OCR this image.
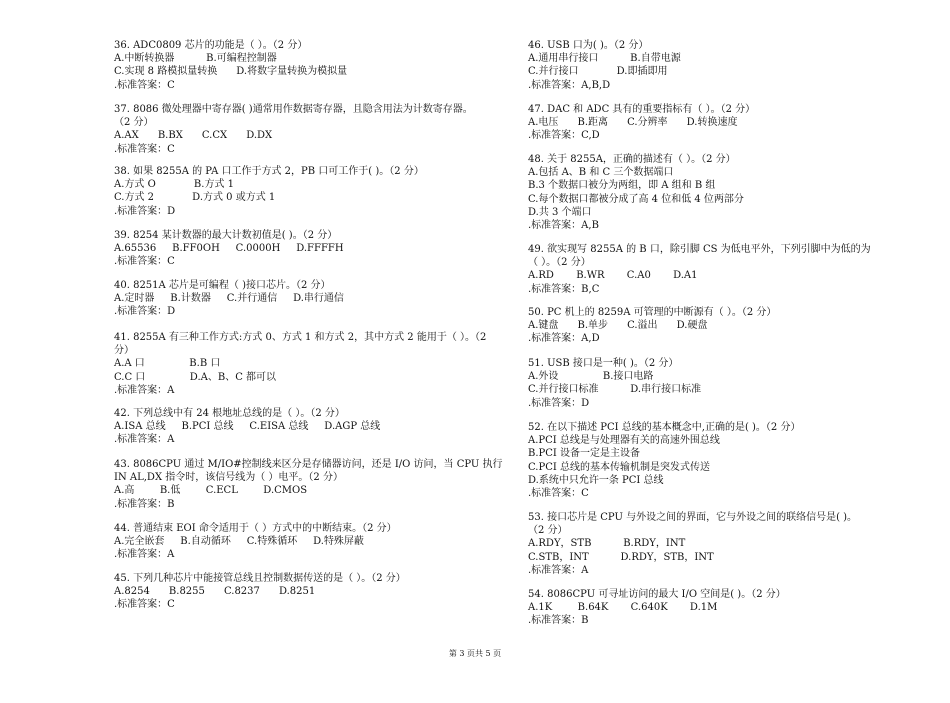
36. ADC0809 芯片的功能是（ ）。（2 分）
A.中断转换器          B.可编程控制器
C.实现 8 路模拟量转换      D.将数字量转换为模拟量
.标准答案：C
37. 8086 微处理器中寄存器( )通常用作数据寄存器，且隐含用法为计数寄存器。
（2 分）
A.AX      B.BX      C.CX      D.DX
.标准答案：C
38. 如果 8255A 的 PA 口工作于方式 2，PB 口可工作于( )。（2 分）
A.方式 O            B.方式 1
C.方式 2            D.方式 0 或方式 1
.标准答案：D
39. 8254 某计数器的最大计数初值是( )。（2 分）
A.65536     B.FF0OH     C.0000H     D.FFFFH
.标准答案：C
40. 8251A 芯片是可编程（ )接口芯片。（2 分）
A.定时器     B.计数器     C.并行通信     D.串行通信
.标准答案：D
41. 8255A 有三种工作方式:方式 0、方式 1 和方式 2，其中方式 2 能用于（ ）。（2
分）
A.A 口              B.B 口
C.C 口              D.A、B、C 都可以
.标准答案：A
42. 下列总线中有 24 根地址总线的是（ ）。（2 分）
A.ISA 总线     B.PCI 总线     C.EISA 总线     D.AGP 总线
.标准答案：A
43. 8086CPU 通过 M/IO#控制线来区分是存储器访问，还是 I/O 访问，当 CPU 执行
IN AL,DX 指令时，该信号线为（ ）电平。（2 分）
A.高        B.低        C.ECL        D.CMOS
.标准答案：B
44. 普通结束 EOI 命令适用于（ ）方式中的中断结束。（2 分）
A.完全嵌套     B.自动循环     C.特殊循环     D.特殊屏蔽
.标准答案：A
45. 下列几种芯片中能接管总线且控制数据传送的是（ ）。（2 分）
A.8254      B.8255      C.8237      D.8251
.标准答案：C
46. USB 口为( )。（2 分）
A.通用串行接口          B.自带电源
C.并行接口            D.即插即用
.标准答案：A,B,D
47. DAC 和 ADC 具有的重要指标有（ ）。（2 分）
A.电压      B.距离      C.分辨率      D.转换速度
.标准答案：C,D
48. 关于 8255A，正确的描述有（ ）。（2 分）
A.包括 A、B 和 C 三个数据端口
B.3 个数据口被分为两组，即 A 组和 B 组
C.每个数据口都被分成了高 4 位和低 4 位两部分
D.共 3 个端口
.标准答案：A,B
49. 欲实现写 8255A 的 B 口，除引脚 CS 为低电平外，下列引脚中为低的为
（ ）。（2 分）
A.RD       B.WR       C.A0       D.A1
.标准答案：B,C
50. PC 机上的 8259A 可管理的中断源有（ ）。（2 分）
A.键盘      B.单步      C.溢出      D.硬盘
.标准答案：A,D
51. USB 接口是一种( )。（2 分）
A.外设              B.接口电路
C.并行接口标准          D.串行接口标准
.标准答案：D
52. 在以下描述 PCI 总线的基本概念中,正确的是( )。（2 分）
A.PCI 总线是与处理器有关的高速外围总线
B.PCI 设备一定是主设备
C.PCI 总线的基本传输机制是突发式传送
D.系统中只允许一条 PCI 总线
.标准答案：C
53. 接口芯片是 CPU 与外设之间的界面，它与外设之间的联络信号是( )。
（2 分）
A.RDY，STB          B.RDY，INT
C.STB，INT          D.RDY，STB，INT
.标准答案：A
54. 8086CPU 可寻址访问的最大 I/O 空间是( )。（2 分）
A.1K        B.64K       C.640K       D.1M
.标准答案：B
第 3 页共 5 页
